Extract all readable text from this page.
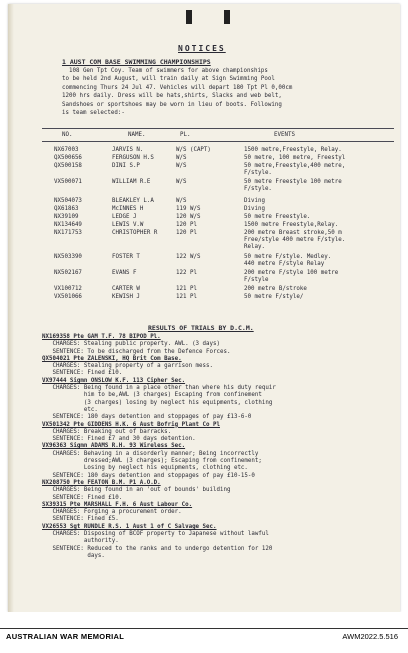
NOTICES
1 AUST COM BASE SWIMMING CHAMPIONSHIPS
108 Gen Tpt Coy. Team of swimmers for above championships
to be held 2nd August, will train daily at Sign Swimming Pool
commencing Thurs 24 Jul 47. Vehicles will depart 180 Tpt Pl 0,00cm
1200 hrs daily. Dress will be hats,shirts, Slacks and web belt,
Sandshoes or sportshoes may be worn in lieu of boots. Following
is team selected:-
NO.	NAME.	PL.	EVENTS
NX67003	JARVIS N.	W/S (CAPT)	1500 metre,Freestyle, Relay.
QX500656	FERGUSON H.S	W/S	50 metre, 100 metre, Freestyl
QX500158	DINI S.P	W/S	50 metre,Freestyle,400 metre,
F/style.
VX500071	WILLIAM R.E	W/S	50 metre Freestyle 100 metre
F/style.
NX504073	BLEAKLEY L.A	W/S	Diving
QX61863	McINNES H	119 W/S	Diving
NX39109	LEDGE J	120 W/S	50 metre Freestyle.
NX134649	LEWIS V.W	120 Pl	1500 metre Freestyle,Relay.
NX171753	CHRISTOPHER R	120 Pl	200 metre Breast stroke,50 m
Free/style 400 metre F/style.
Relay.
NX503390	FOSTER T	122 W/S	50 metre F/style. Medley.
440 metre F/style Relay
NX502167	EVANS F	122 Pl	200 metre F/style 100 metre
F/style
VX100712	CARTER W	121 Pl	200 metre B/stroke
VX501066	KEWISH J	121 Pl	50 metre F/style/
RESULTS OF TRIALS BY D.C.M.
NX169358 Pte GAM T.F. 78 BIPOD Pl.
CHARGES: Stealing public property. AWL. (3 days)
SENTENCE: To be discharged from the Defence Forces.
QX504021 Pte ZALENSKI, HQ Brit Com Base.
CHARGES: Stealing property of a garrison mess.
SENTENCE: Fined £10.
VX97444 Sigmn ONSLOW K.F. 113 Cipher Sec.
CHARGES: Being found in a place other than where his duty requir
him to be,AWL (3 charges) Escaping from confinement
(3 charges) losing by neglect his equipments, clothing
etc.
SENTENCE: 180 days detention and stoppages of pay £13-6-0
VX501342 Pte GIDDENS H.K. 6 Aust Bofrig Plant Co Pl
CHARGES: Breaking out of barracks.
SENTENCE: Fined £7 and 30 days detention.
VX96363 Sigmn ADAMS R.H. 93 Wireless Sec.
CHARGES: Behaving in a disorderly manner; Being incorrectly
dressed;AWL (3 charges); Escaping from confinement;
Losing by neglect his equipments, clothing etc.
SENTENCE: 180 days detention and stoppages of pay £10-15-0
NX208750 Pte FEATON B.M. P1 A.O.D.
CHARGES: Being found in an 'out of bounds' building
SENTENCE: Fined £10.
SX39315 Pte MARSHALL F.H. 6 Aust Labour Co.
CHARGES: Forging a procurement order.
SENTENCE: Fined £5.
VX26553 Sgt RUNDLE R.S. 1 Aust 1 of C Salvage Sec.
CHARGES: Disposing of BCOF property to Japanese without lawful
authority.
SENTENCE: Reduced to the ranks and to undergo detention for 120
days.
AUSTRALIAN WAR MEMORIAL	AWM2022.5.516
